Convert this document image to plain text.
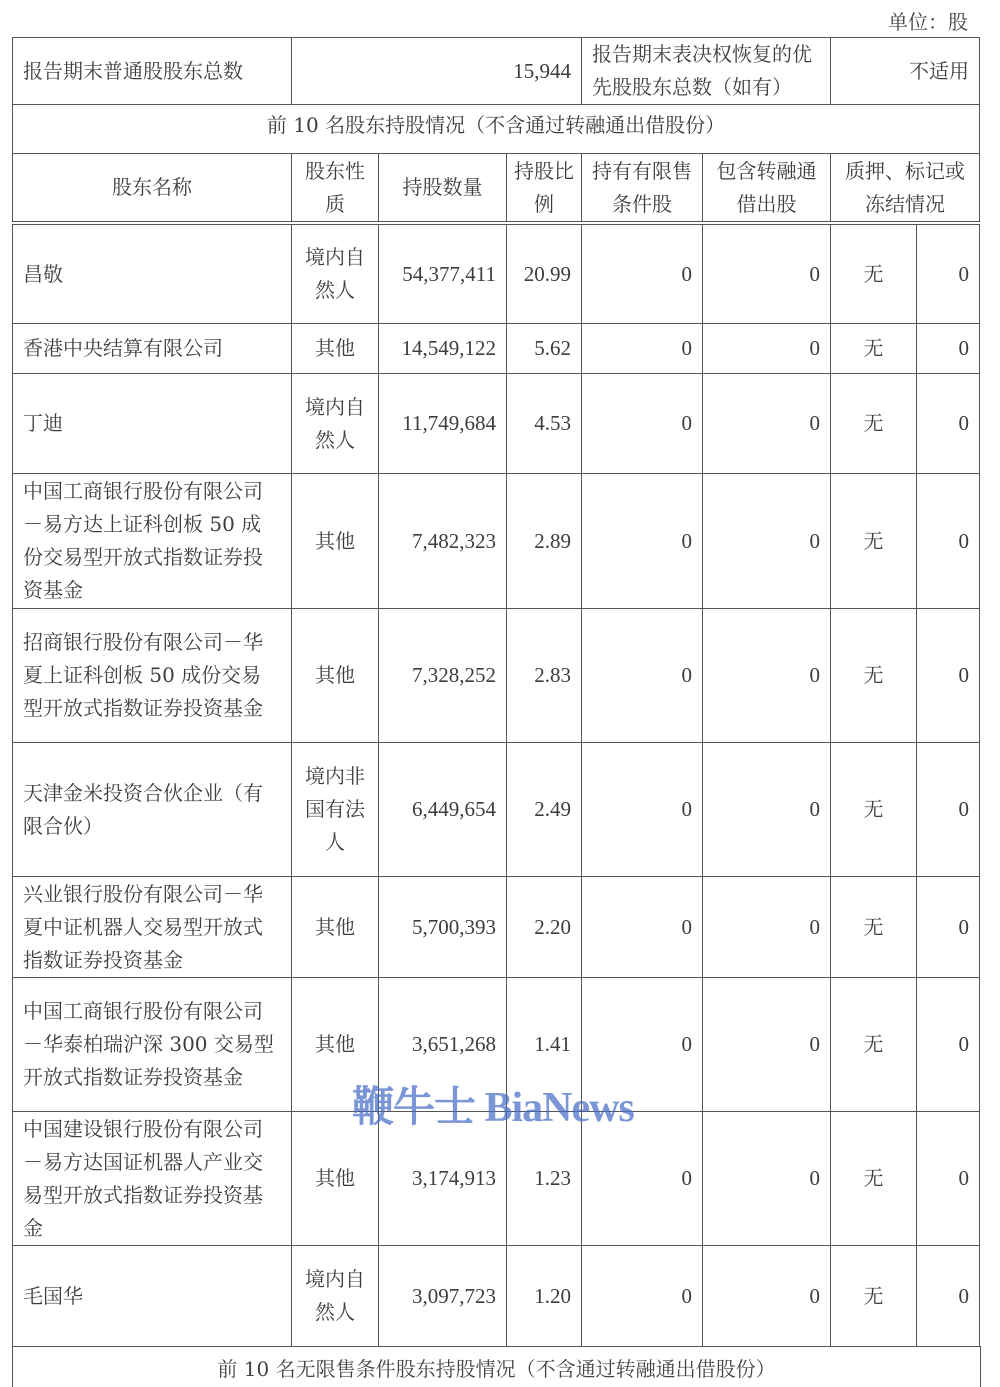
单位：股
报告期末普通股股东总数	15,944			报告期末表决权恢复的优先股股东总数（如有）		不适用
前 10 名股东持股情况（不含通过转融通出借股份）						
股东名称	股东性质	持股数量	持股比例	持有有限售条件股	包含转融通借出股	质押、标记或冻结情况
昌敬	境内自然人	54,377,411	20.99	0	0	无	0
香港中央结算有限公司	其他	14,549,122	5.62	0	0	无	0
丁迪	境内自然人	11,749,684	4.53	0	0	无	0
中国工商银行股份有限公司－易方达上证科创板 50 成份交易型开放式指数证券投资基金	其他	7,482,323	2.89	0	0	无	0
招商银行股份有限公司－华夏上证科创板 50 成份交易型开放式指数证券投资基金	其他	7,328,252	2.83	0	0	无	0
天津金米投资合伙企业（有限合伙）	境内非国有法人	6,449,654	2.49	0	0	无	0
兴业银行股份有限公司－华夏中证机器人交易型开放式指数证券投资基金	其他	5,700,393	2.20	0	0	无	0
中国工商银行股份有限公司－华泰柏瑞沪深 300 交易型开放式指数证券投资基金	其他	3,651,268	1.41	0	0	无	0
中国建设银行股份有限公司－易方达国证机器人产业交易型开放式指数证券投资基金	其他	3,174,913	1.23	0	0	无	0
毛国华	境内自然人	3,097,723	1.20	0	0	无	0
前 10 名无限售条件股东持股情况（不含通过转融通出借股份）
鞭牛士 BiaNews
